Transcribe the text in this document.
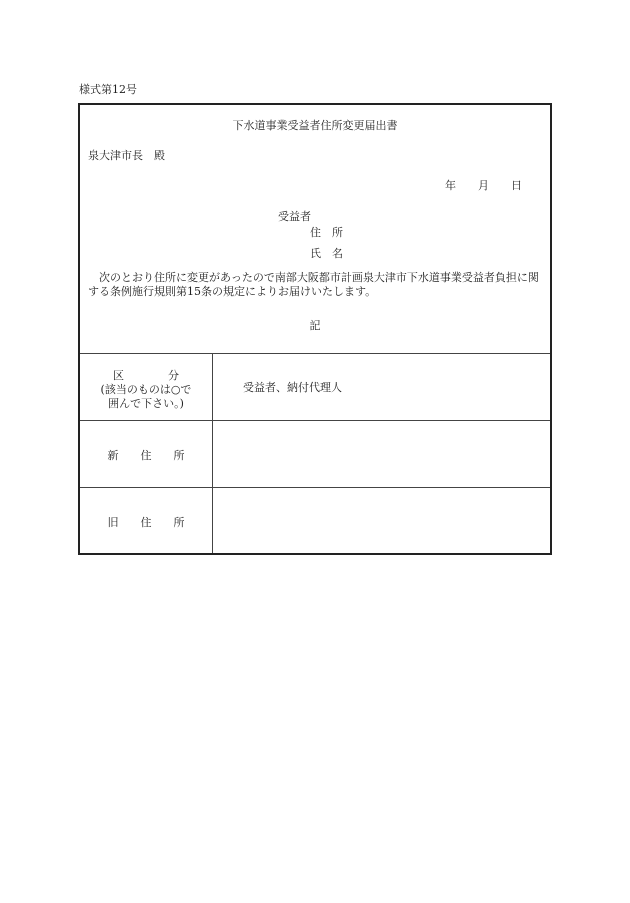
様式第12号
下水道事業受益者住所変更届出書
泉大津市長　殿
年 月 日
受益者
住　所
氏　名
　次のとおり住所に変更があったので南部大阪都市計画泉大津市下水道事業受益者負担に関する条例施行規則第15条の規定によりお届けいたします。
記
区　　　　分
(該当のものは○で
囲んで下さい。)
受益者、納付代理人
新　　住　　所
旧　　住　　所
